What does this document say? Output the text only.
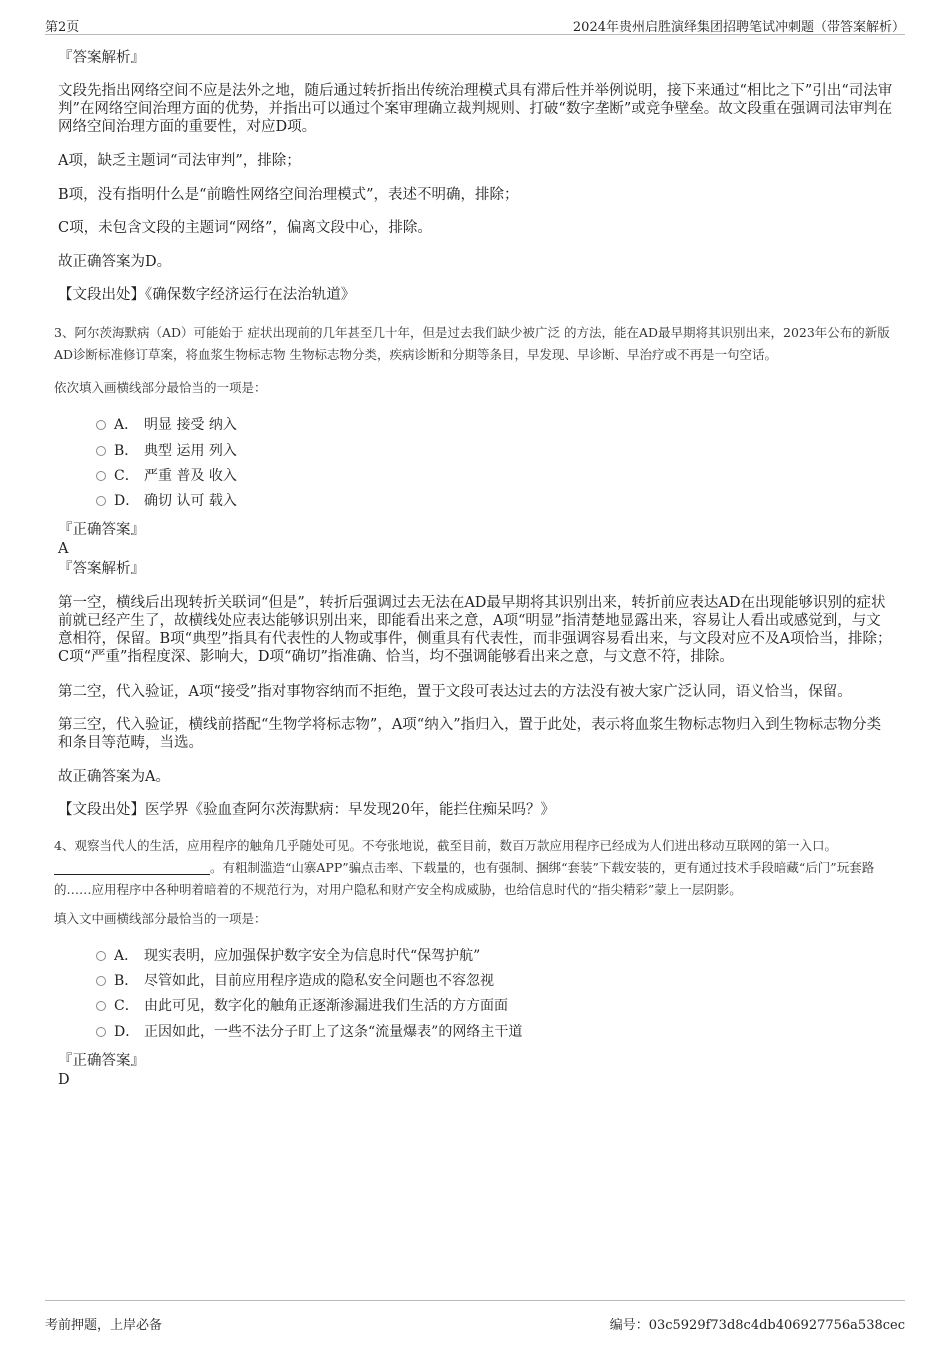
第2页	2024年贵州启胜演绎集团招聘笔试冲刺题（带答案解析）

『答案解析』

文段先指出网络空间不应是法外之地，随后通过转折指出传统治理模式具有滞后性并举例说明，接下来通过“相比之下”引出“司法审判”在网络空间治理方面的优势，并指出可以通过个案审理确立裁判规则、打破“数字垄断”或竞争壁垒。故文段重在强调司法审判在网络空间治理方面的重要性，对应D项。

A项，缺乏主题词“司法审判”，排除；

B项，没有指明什么是“前瞻性网络空间治理模式”，表述不明确，排除；

C项，未包含文段的主题词“网络”，偏离文段中心，排除。

故正确答案为D。

【文段出处】《确保数字经济运行在法治轨道》

3、阿尔茨海默病（AD）可能始于 症状出现前的几年甚至几十年，但是过去我们缺少被广泛 的方法，能在AD最早期将其识别出来，2023年公布的新版AD诊断标准修订草案，将血浆生物标志物 生物标志物分类，疾病诊断和分期等条目，早发现、早诊断、早治疗或不再是一句空话。

依次填入画横线部分最恰当的一项是：

A． 明显 接受 纳入
B． 典型 运用 列入
C． 严重 普及 收入
D． 确切 认可 载入

『正确答案』

A

『答案解析』

第一空，横线后出现转折关联词“但是”，转折后强调过去无法在AD最早期将其识别出来，转折前应表达AD在出现能够识别的症状前就已经产生了，故横线处应表达能够识别出来，即能看出来之意，A项“明显”指清楚地显露出来，容易让人看出或感觉到，与文意相符，保留。B项“典型”指具有代表性的人物或事件，侧重具有代表性，而非强调容易看出来，与文段对应不及A项恰当，排除；C项“严重”指程度深、影响大，D项“确切”指准确、恰当，均不强调能够看出来之意，与文意不符，排除。

第二空，代入验证，A项“接受”指对事物容纳而不拒绝，置于文段可表达过去的方法没有被大家广泛认同，语义恰当，保留。

第三空，代入验证，横线前搭配“生物学将标志物”，A项“纳入”指归入，置于此处，表示将血浆生物标志物归入到生物标志物分类和条目等范畴，当选。

故正确答案为A。

【文段出处】医学界《验血查阿尔茨海默病：早发现20年，能拦住痴呆吗？》

4、观察当代人的生活，应用程序的触角几乎随处可见。不夸张地说，截至目前，数百万款应用程序已经成为人们进出移动互联网的第一入口。。有粗制滥造“山寨APP”骗点击率、下载量的，也有强制、捆绑“套装”下载安装的，更有通过技术手段暗藏“后门”玩套路的……应用程序中各种明着暗着的不规范行为，对用户隐私和财产安全构成威胁，也给信息时代的“指尖精彩”蒙上一层阴影。

填入文中画横线部分最恰当的一项是：

A． 现实表明，应加强保护数字安全为信息时代“保驾护航”
B． 尽管如此，目前应用程序造成的隐私安全问题也不容忽视
C． 由此可见，数字化的触角正逐渐渗漏进我们生活的方方面面
D． 正因如此，一些不法分子盯上了这条“流量爆表”的网络主干道

『正确答案』

D

考前押题，上岸必备	编号：03c5929f73d8c4db406927756a538cec
